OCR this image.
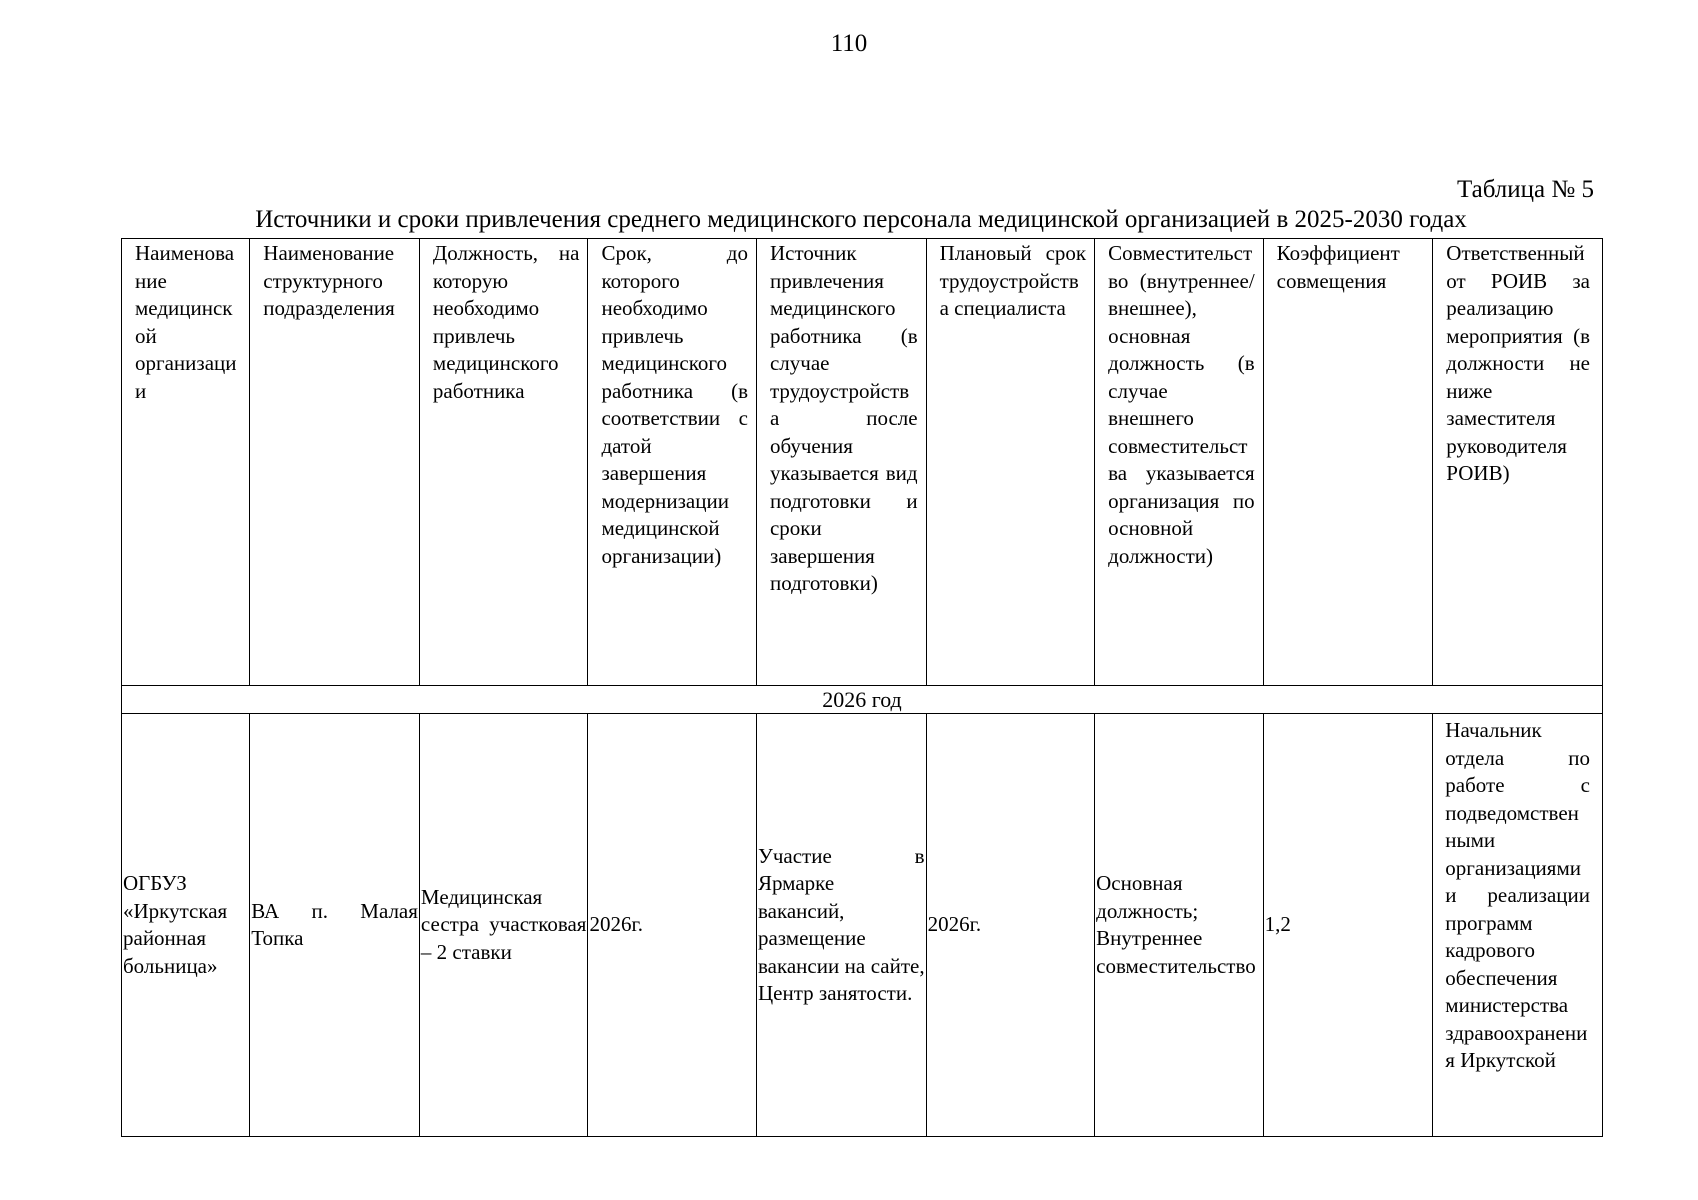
110
Таблица № 5
Источники и сроки привлечения среднего медицинского персонала медицинской организацией в 2025-2030 годах
Наименование медицинской организации	Наименование структурного подразделения	Должность, на которую необходимо привлечь медицинского работника	Срок, до которого необходимо привлечь медицинского работника (в соответствии с датой завершения модернизации медицинской организации)	Источник привлечения медицинского работника (в случае трудоустройства после обучения указывается вид подготовки и сроки завершения подготовки)	Плановый срок трудоустройства специалиста	Совместительство (внутреннее/ внешнее), основная должность (в случае внешнего совместительства указывается организация по основной должности)	Коэффициент совмещения	Ответственный от РОИВ за реализацию мероприятия (в должности не ниже заместителя руководителя РОИВ)
2026 год								
ОГБУЗ «Иркутская районная больница»	ВА п. Малая Топка	Медицинская сестра участковая – 2 ставки	2026г.	Участие в Ярмарке вакансий, размещение вакансии на сайте, Центр занятости.	2026г.	Основная должность; Внутреннее совместительство	1,2	Начальник отдела по работе с подведомственными организациями и реализации программ кадрового обеспечения министерства здравоохранения Иркутской
